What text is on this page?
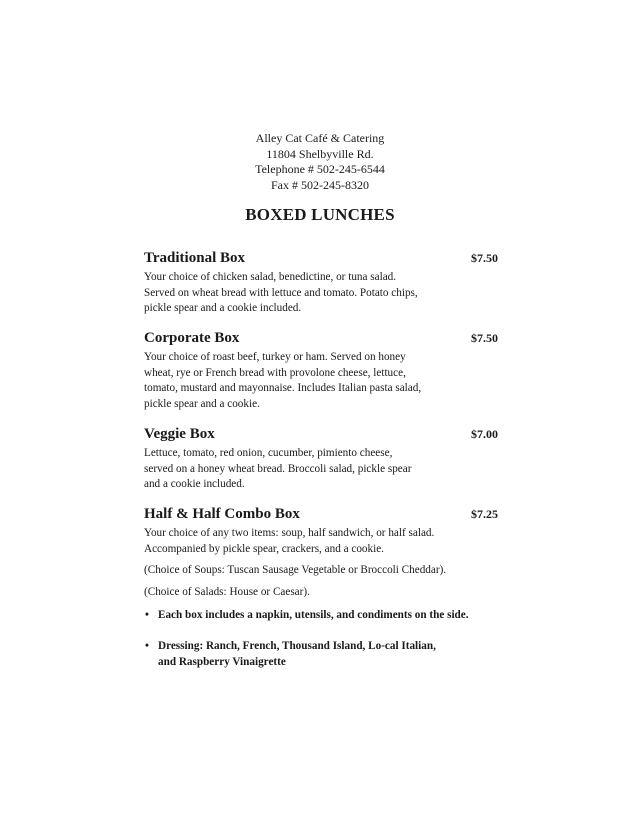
Alley Cat Café & Catering
11804 Shelbyville Rd.
Telephone # 502-245-6544
Fax # 502-245-8320
BOXED LUNCHES
Traditional Box	$7.50
Your choice of chicken salad, benedictine, or tuna salad.
Served on wheat bread with lettuce and tomato. Potato chips,
pickle spear and a cookie included.
Corporate Box	$7.50
Your choice of roast beef, turkey or ham. Served on honey
wheat, rye or French bread with provolone cheese, lettuce,
tomato, mustard and mayonnaise. Includes Italian pasta salad,
pickle spear and a cookie.
Veggie Box	$7.00
Lettuce, tomato, red onion, cucumber, pimiento cheese,
served on a honey wheat bread. Broccoli salad, pickle spear
and a cookie included.
Half & Half Combo Box	$7.25
Your choice of any two items: soup, half sandwich, or half salad.
Accompanied by pickle spear, crackers, and a cookie.
(Choice of Soups: Tuscan Sausage Vegetable or Broccoli Cheddar).
(Choice of Salads: House or Caesar).
• Each box includes a napkin, utensils, and condiments on the side.
• Dressing: Ranch, French, Thousand Island, Lo-cal Italian,
and Raspberry Vinaigrette
